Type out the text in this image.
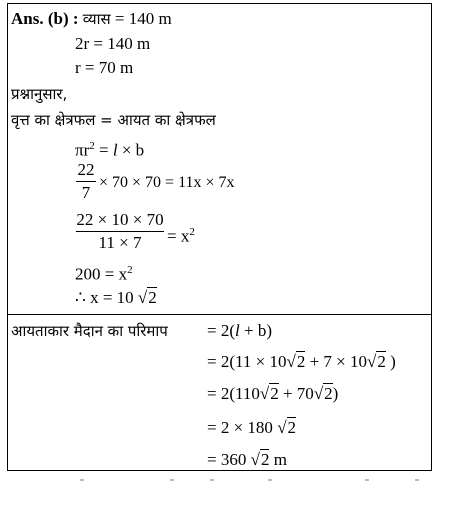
Ans. (b) : व्यास = 140 m
2r = 140 m
r = 70 m
प्रश्नानुसार,
वृत्त का क्षेत्रफल = आयत का क्षेत्रफल
$\pi r^2 = l \times b$
22
7
× 70 × 70 = 11x × 7x
22 × 10 × 70
11 × 7	= $x^2$
$200 = x^2$
∴ x = 10 √2
आयताकार मैदान का परिमाप = 2(l + b)
= 2(11 × 10√2 + 7 × 10√2 )
= 2(110√2 + 70√2)
= 2 × 180 √2
= 360 √2 m
